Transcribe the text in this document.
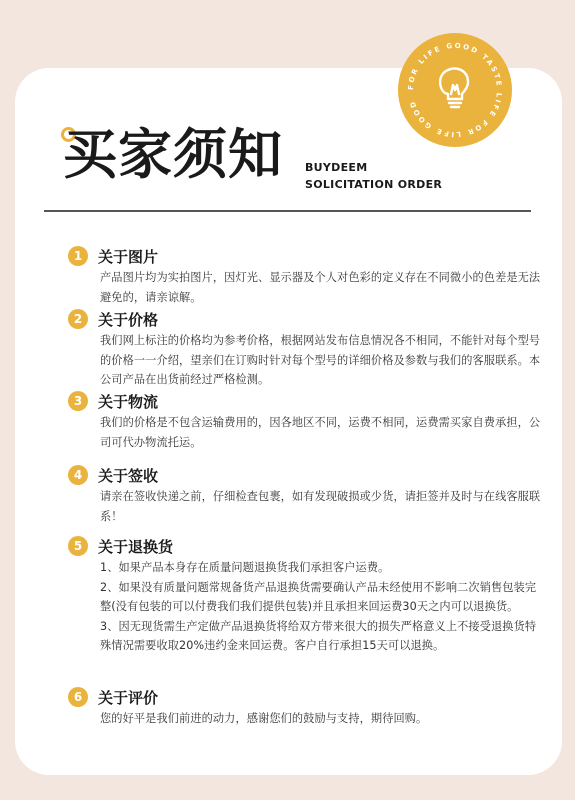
FOR LIFE GOOD TASTE LIFE FOR LIFE GOOD
买家须知 BUYDEEM
SOLICITATION ORDER
1	关于图片

产品图片均为实拍图片，因灯光、显示器及个人对色彩的定义存在不同微小的色差是无法避免的，请亲谅解。

2	关于价格

我们网上标注的价格均为参考价格，根据网站发布信息情况各不相同，不能针对每个型号的价格一一介绍，望亲们在订购时针对每个型号的详细价格及参数与我们的客服联系。本公司产品在出货前经过严格检测。

3	关于物流

我们的价格是不包含运输费用的，因各地区不同，运费不相同，运费需买家自费承担，公司可代办物流托运。

4	关于签收

请亲在签收快递之前，仔细检查包裹，如有发现破损或少货，请拒签并及时与在线客服联系！

5	关于退换货

1、如果产品本身存在质量问题退换货我们承担客户运费。

2、如果没有质量问题常规备货产品退换货需要确认产品未经使用不影响二次销售包装完整(没有包装的可以付费我们我们提供包装)并且承担来回运费30天之内可以退换货。

3、因无现货需生产定做产品退换货将给双方带来很大的损失严格意义上不接受退换货特殊情况需要收取20%违约金来回运费。客户自行承担15天可以退换。

6	关于评价

您的好平是我们前进的动力，感谢您们的鼓励与支持，期待回购。
